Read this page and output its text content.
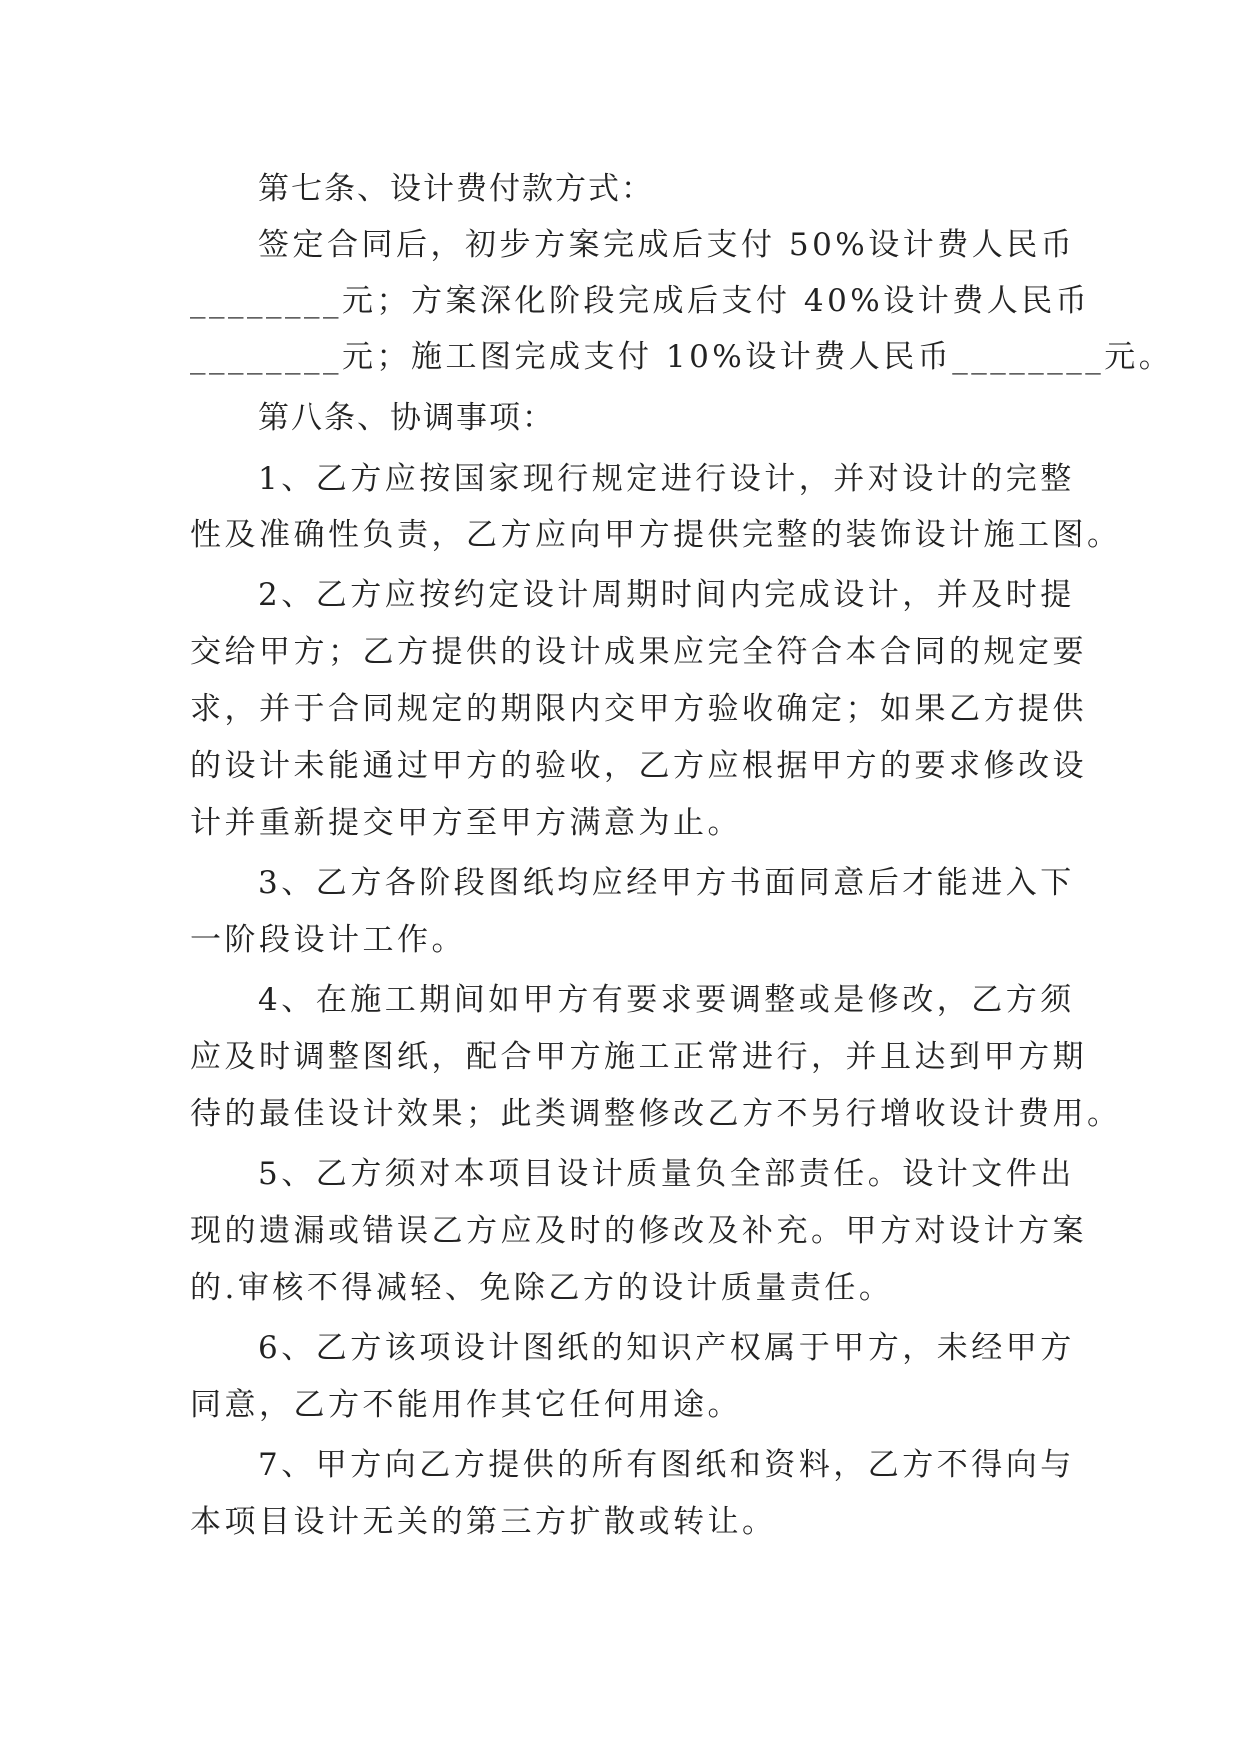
第七条、设计费付款方式：
签定合同后，初步方案完成后支付 50%设计费人民币
________元；方案深化阶段完成后支付 40%设计费人民币
________元；施工图完成支付 10%设计费人民币________元。
第八条、协调事项：
1、乙方应按国家现行规定进行设计，并对设计的完整
性及准确性负责，乙方应向甲方提供完整的装饰设计施工图。
2、乙方应按约定设计周期时间内完成设计，并及时提
交给甲方；乙方提供的设计成果应完全符合本合同的规定要
求，并于合同规定的期限内交甲方验收确定；如果乙方提供
的设计未能通过甲方的验收，乙方应根据甲方的要求修改设
计并重新提交甲方至甲方满意为止。
3、乙方各阶段图纸均应经甲方书面同意后才能进入下
一阶段设计工作。
4、在施工期间如甲方有要求要调整或是修改，乙方须
应及时调整图纸，配合甲方施工正常进行，并且达到甲方期
待的最佳设计效果；此类调整修改乙方不另行增收设计费用。
5、乙方须对本项目设计质量负全部责任。设计文件出
现的遗漏或错误乙方应及时的修改及补充。甲方对设计方案
的.审核不得减轻、免除乙方的设计质量责任。
6、乙方该项设计图纸的知识产权属于甲方，未经甲方
同意，乙方不能用作其它任何用途。
7、甲方向乙方提供的所有图纸和资料，乙方不得向与
本项目设计无关的第三方扩散或转让。
